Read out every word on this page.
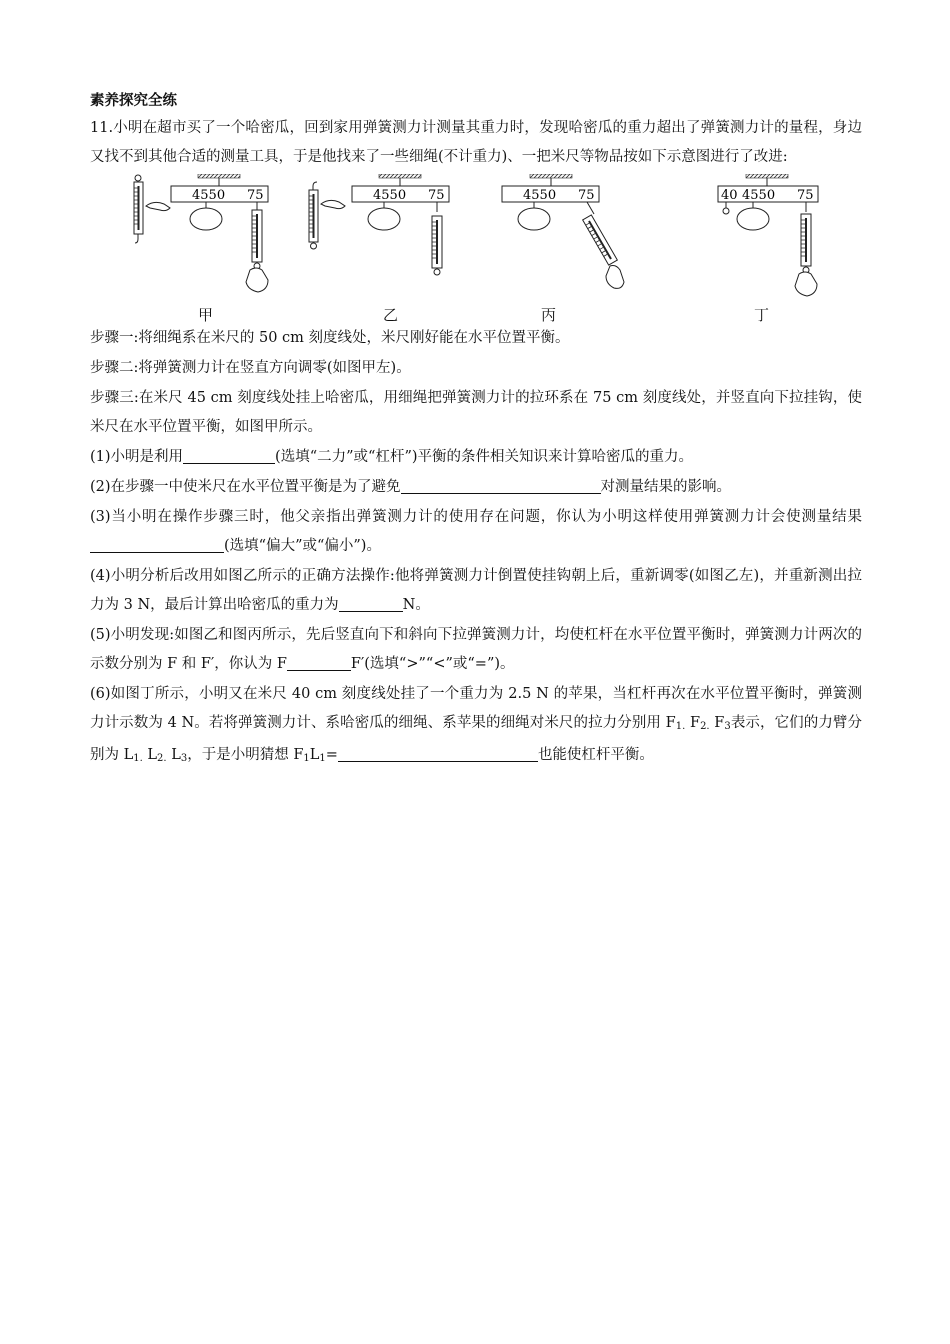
素养探究全练

11.小明在超市买了一个哈密瓜，回到家用弹簧测力计测量其重力时，发现哈密瓜的重力超出了弹簧测力计的量程，身边又找不到其他合适的测量工具，于是他找来了一些细绳(不计重力)、一把米尺等物品按如下示意图进行了改进:

4550 75	4550 75	4550 75	40 4550 75
甲	乙	丙	丁

步骤一:将细绳系在米尺的 50 cm 刻度线处，米尺刚好能在水平位置平衡。

步骤二:将弹簧测力计在竖直方向调零(如图甲左)。

步骤三:在米尺 45 cm 刻度线处挂上哈密瓜，用细绳把弹簧测力计的拉环系在 75 cm 刻度线处，并竖直向下拉挂钩，使米尺在水平位置平衡，如图甲所示。

(1)小明是利用	(选填“二力”或“杠杆”)平衡的条件相关知识来计算哈密瓜的重力。

(2)在步骤一中使米尺在水平位置平衡是为了避免	对测量结果的影响。

(3)当小明在操作步骤三时，他父亲指出弹簧测力计的使用存在问题，你认为小明这样使用弹簧测力计会使测量结果(选填“偏大”或“偏小”)。

(4)小明分析后改用如图乙所示的正确方法操作:他将弹簧测力计倒置使挂钩朝上后，重新调零(如图乙左)，并重新测出拉力为 3 N，最后计算出哈密瓜的重力为	N。

(5)小明发现:如图乙和图丙所示，先后竖直向下和斜向下拉弹簧测力计，均使杠杆在水平位置平衡时，弹簧测力计两次的示数分别为 F 和 F′，你认为 F	F′(选填“>”“<”或“=”)。

(6)如图丁所示，小明又在米尺 40 cm 刻度线处挂了一个重力为 2.5 N 的苹果，当杠杆再次在水平位置平衡时，弹簧测力计示数为 4 N。若将弹簧测力计、系哈密瓜的细绳、系苹果的细绳对米尺的拉力分别用 $F_{1.}$ $F_{2.}$ $F_3$表示，它们的力臂分别为 $L_{1.}$ $L_{2.}$ $L_3$，于是小明猜想 $F_1L_1=$	也能使杠杆平衡。
